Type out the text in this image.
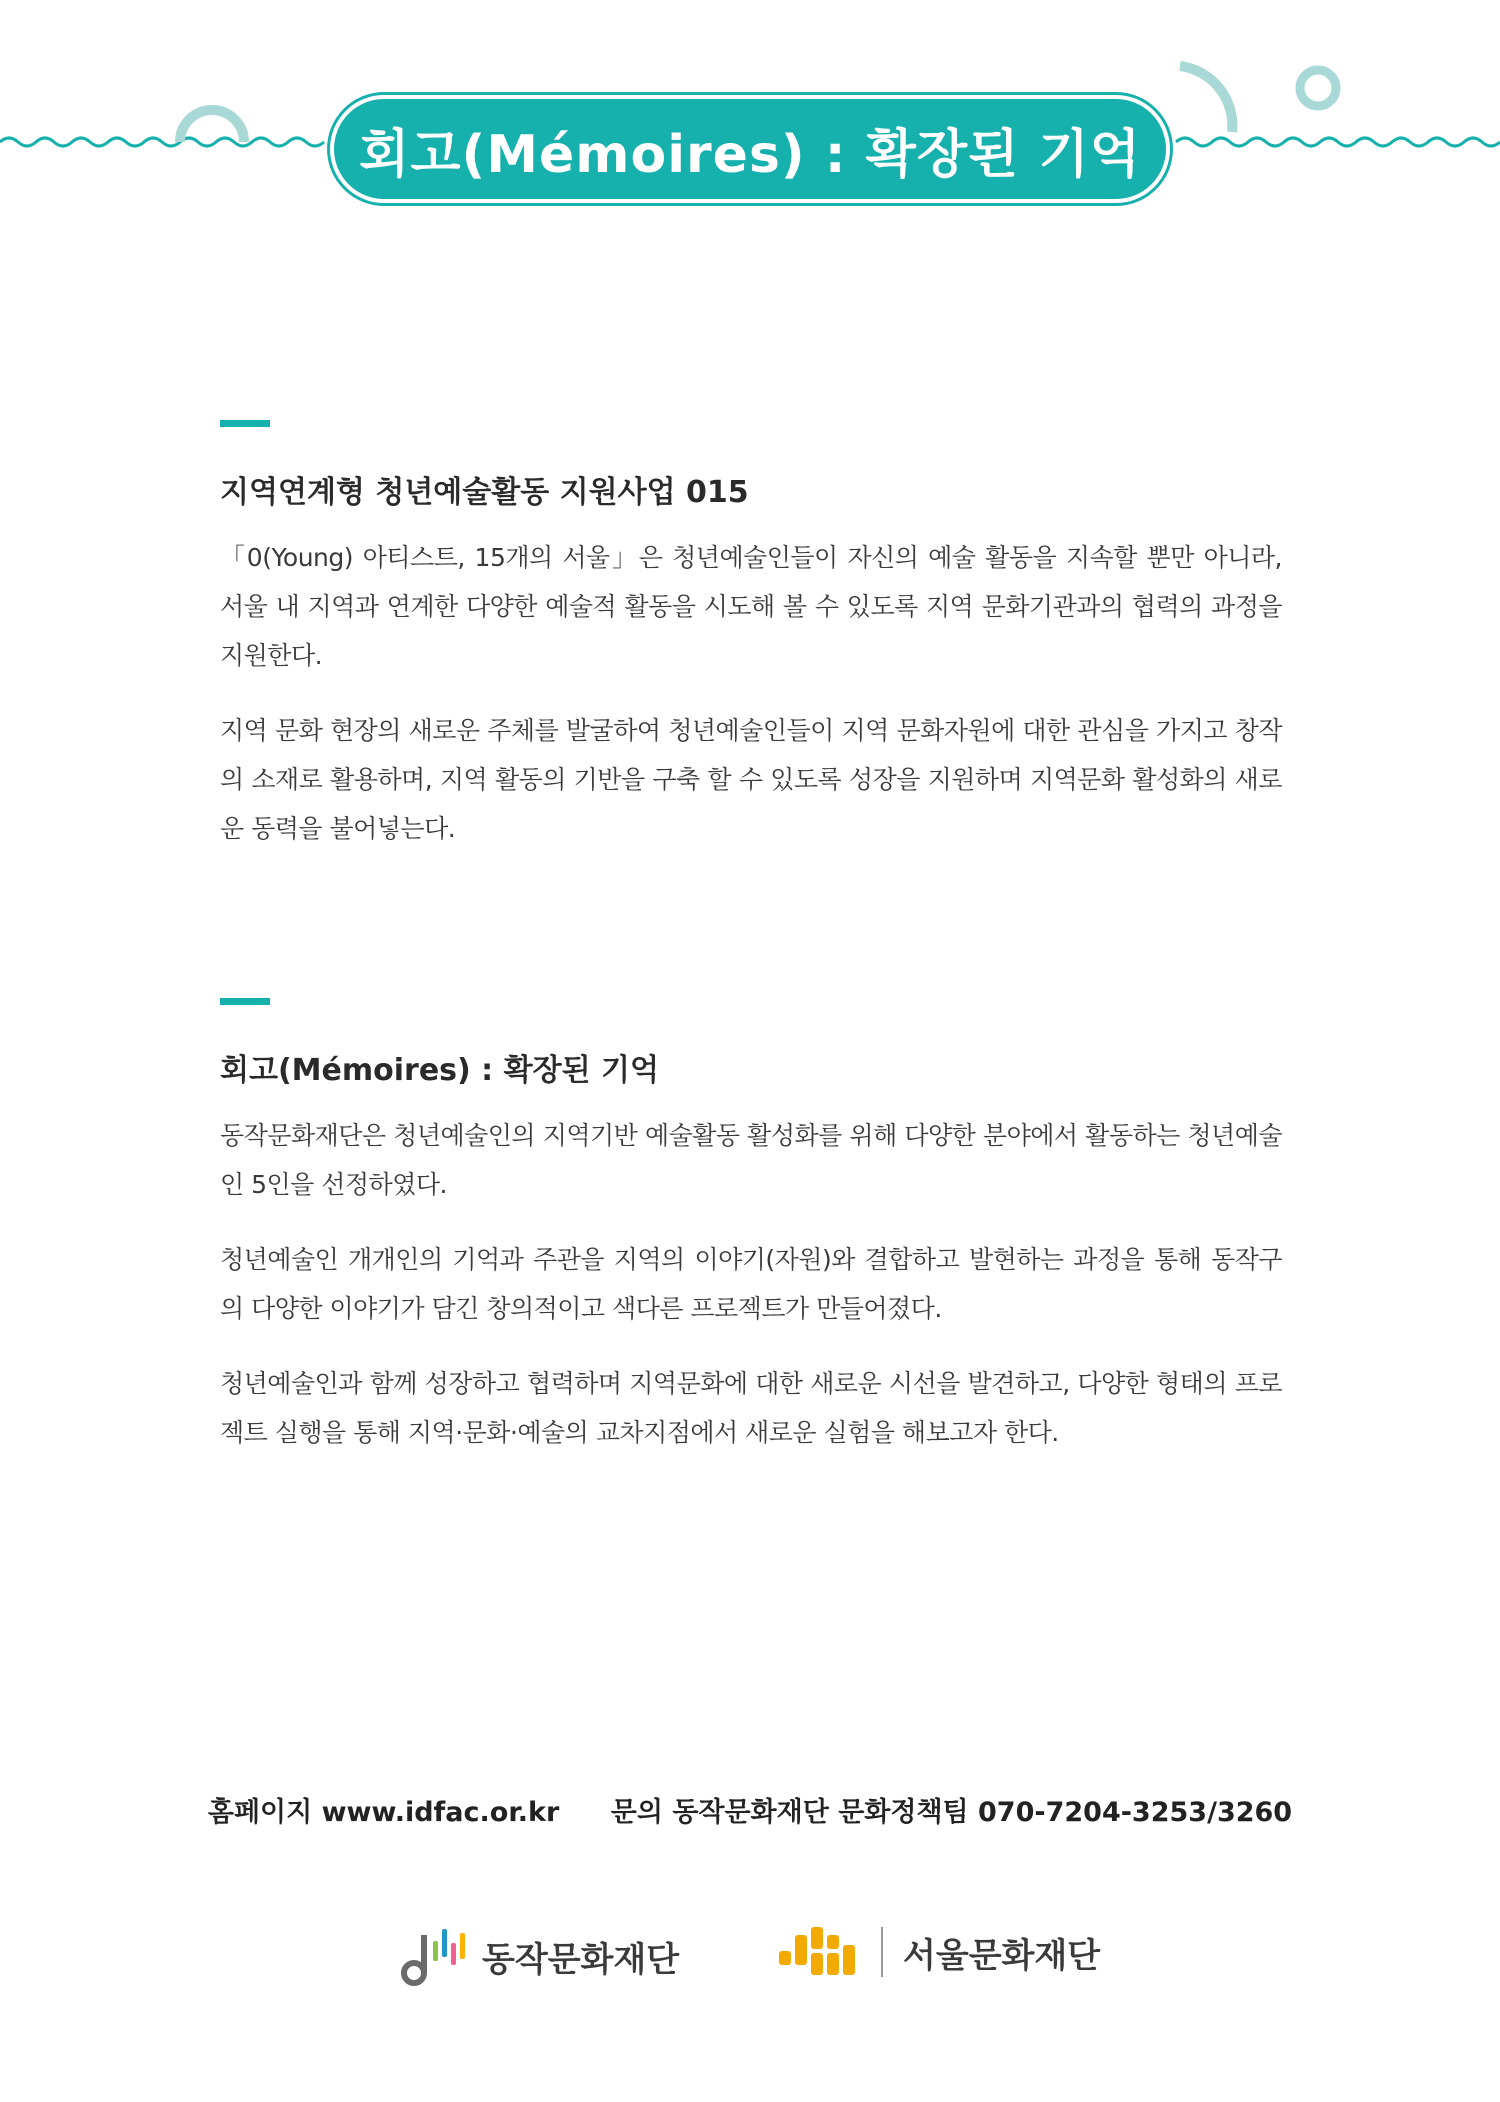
회고(Mémoires) : 확장된 기억
지역연계형 청년예술활동 지원사업 015

「0(Young) 아티스트, 15개의 서울」은 청년예술인들이 자신의 예술 활동을 지속할 뿐만 아니라, 서울 내 지역과 연계한 다양한 예술적 활동을 시도해 볼 수 있도록 지역 문화기관과의 협력의 과정을 지원한다.

지역 문화 현장의 새로운 주체를 발굴하여 청년예술인들이 지역 문화자원에 대한 관심을 가지고 창작의 소재로 활용하며, 지역 활동의 기반을 구축 할 수 있도록 성장을 지원하며 지역문화 활성화의 새로운 동력을 불어넣는다.

회고(Mémoires) : 확장된 기억

동작문화재단은 청년예술인의 지역기반 예술활동 활성화를 위해 다양한 분야에서 활동하는 청년예술인 5인을 선정하였다.

청년예술인 개개인의 기억과 주관을 지역의 이야기(자원)와 결합하고 발현하는 과정을 통해 동작구의 다양한 이야기가 담긴 창의적이고 색다른 프로젝트가 만들어졌다.

청년예술인과 함께 성장하고 협력하며 지역문화에 대한 새로운 시선을 발견하고, 다양한 형태의 프로젝트 실행을 통해 지역·문화·예술의 교차지점에서 새로운 실험을 해보고자 한다.

홈페이지 www.idfac.or.kr 문의 동작문화재단 문화정책팀 070-7204-3253/3260
동작문화재단	서울문화재단
